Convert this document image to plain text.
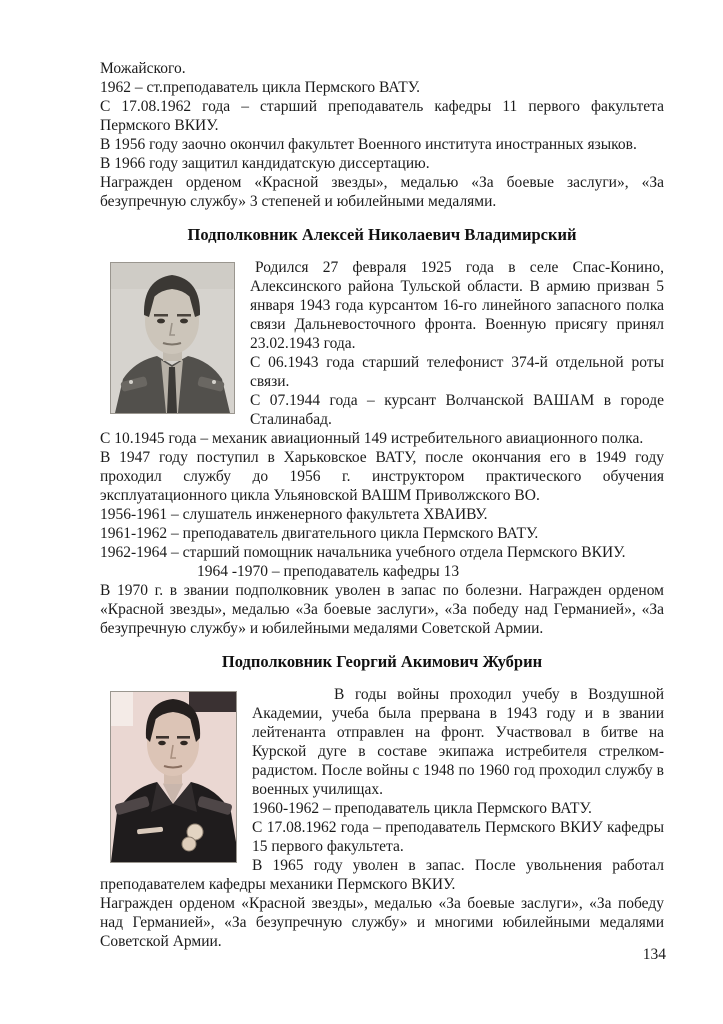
Можайского.

1962 – ст.преподаватель цикла Пермского ВАТУ.

С 17.08.1962 года – старший преподаватель кафедры 11 первого факультета Пермского ВКИУ.

В 1956 году заочно окончил факультет Военного института иностранных языков.

В 1966 году защитил кандидатскую диссертацию.

Награжден орденом «Красной звезды», медалью «За боевые заслуги», «За безупречную службу» 3 степеней и юбилейными медалями.

Подполковник Алексей Николаевич Владимирский

Родился 27 февраля 1925 года в селе Спас-Конино, Алексинского района Тульской области. В армию призван 5 января 1943 года курсантом 16-го линейного запасного полка связи Дальневосточного фронта. Военную присягу принял 23.02.1943 года.

С 06.1943 года старший телефонист 374-й отдельной роты связи.

С 07.1944 года – курсант Волчанской ВАШАМ в городе Сталинабад.

С 10.1945 года – механик авиационный 149 истребительного авиационного полка.

В 1947 году поступил в Харьковское ВАТУ, после окончания его в 1949 году проходил службу до 1956 г. инструктором практического обучения эксплуатационного цикла Ульяновской ВАШМ Приволжского ВО.

1956-1961 – слушатель инженерного факультета ХВАИВУ.

1961-1962 – преподаватель двигательного цикла Пермского ВАТУ.

1962-1964 – старший помощник начальника учебного отдела Пермского ВКИУ.

1964 -1970 – преподаватель кафедры 13

В 1970 г. в звании подполковник уволен в запас по болезни. Награжден орденом «Красной звезды», медалью «За боевые заслуги», «За победу над Германией», «За безупречную службу» и юбилейными медалями Советской Армии.

Подполковник Георгий Акимович Жубрин

В годы войны проходил учебу в Воздушной Академии, учеба была прервана в 1943 году и в звании лейтенанта отправлен на фронт. Участвовал в битве на Курской дуге в составе экипажа истребителя стрелком-радистом. После войны с 1948 по 1960 год проходил службу в военных училищах.

1960-1962 – преподаватель цикла Пермского ВАТУ.

С 17.08.1962 года – преподаватель Пермского ВКИУ кафедры 15 первого факультета.

В 1965 году уволен в запас. После увольнения работал преподавателем кафедры механики Пермского ВКИУ.

Награжден орденом «Красной звезды», медалью «За боевые заслуги», «За победу над Германией», «За безупречную службу» и многими юбилейными медалями Советской Армии.

134
